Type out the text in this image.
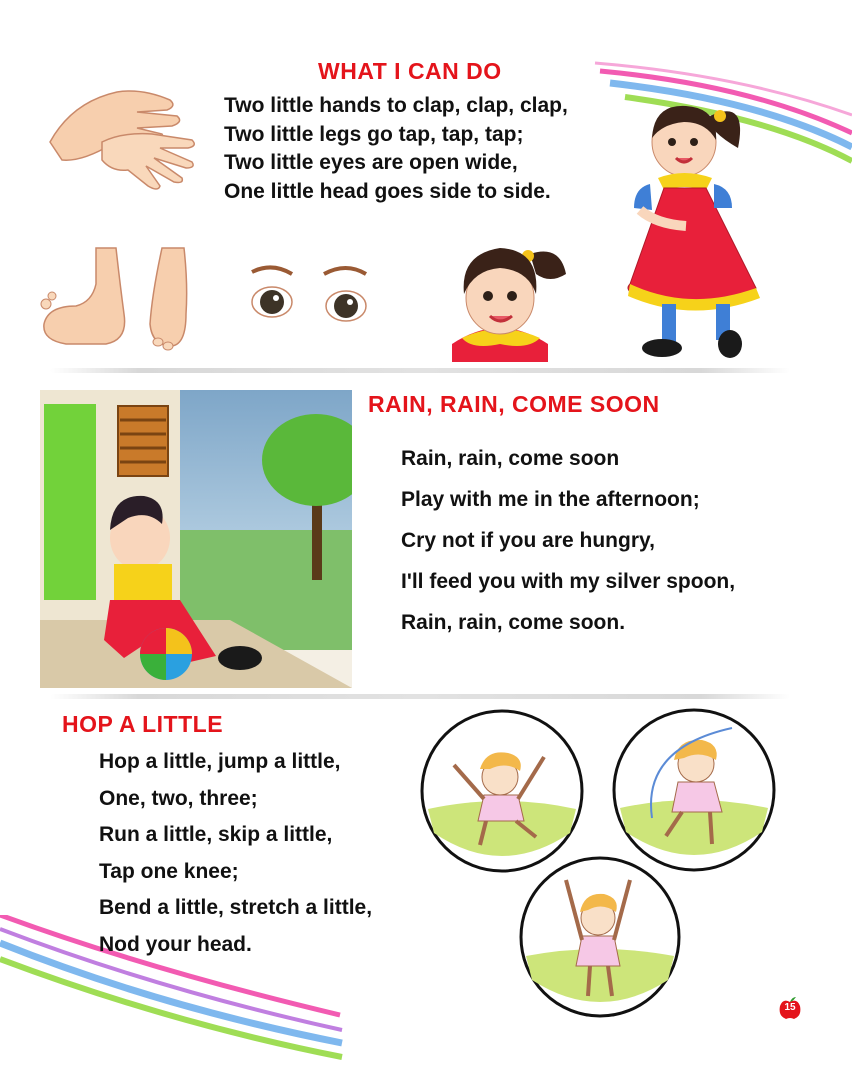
WHAT I CAN DO

Two little hands to clap, clap, clap,

Two little legs go tap, tap, tap;

Two little eyes are open wide,

One little head goes side to side.

RAIN, RAIN, COME SOON

Rain, rain, come soon

Play with me in the afternoon;

Cry not if you are hungry,

I'll feed you with my silver spoon,

Rain, rain, come soon.

HOP A LITTLE

Hop a little, jump a little,

One, two, three;

Run a little, skip a little,

Tap one knee;

Bend a little, stretch a little,

Nod your head.

15
